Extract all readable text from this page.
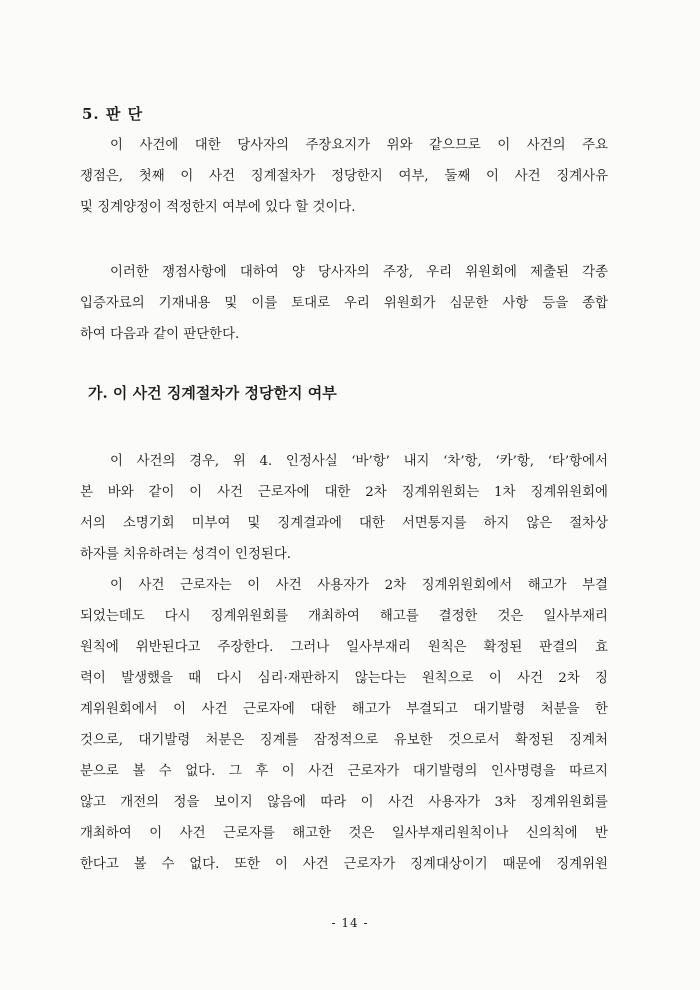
5. 판 단
이 사건에 대한 당사자의 주장요지가 위와 같으므로 이 사건의 주요
쟁점은, 첫째 이 사건 징계절차가 정당한지 여부, 둘째 이 사건 징계사유
및 징계양정이 적정한지 여부에 있다 할 것이다.
이러한 쟁점사항에 대하여 양 당사자의 주장, 우리 위원회에 제출된 각종
입증자료의 기재내용 및 이를 토대로 우리 위원회가 심문한 사항 등을 종합
하여 다음과 같이 판단한다.
가. 이 사건 징계절차가 정당한지 여부
이 사건의 경우, 위 4. 인정사실 ‘바’항’ 내지 ‘차’항, ‘카’항, ‘타’항에서
본 바와 같이 이 사건 근로자에 대한 2차 징계위원회는 1차 징계위원회에
서의 소명기회 미부여 및 징계결과에 대한 서면통지를 하지 않은 절차상
하자를 치유하려는 성격이 인정된다.
이 사건 근로자는 이 사건 사용자가 2차 징계위원회에서 해고가 부결
되었는데도 다시 징계위원회를 개최하여 해고를 결정한 것은 일사부재리
원칙에 위반된다고 주장한다. 그러나 일사부재리 원칙은 확정된 판결의 효
력이 발생했을 때 다시 심리·재판하지 않는다는 원칙으로 이 사건 2차 징
계위원회에서 이 사건 근로자에 대한 해고가 부결되고 대기발령 처분을 한
것으로, 대기발령 처분은 징계를 잠정적으로 유보한 것으로서 확정된 징계처
분으로 볼 수 없다. 그 후 이 사건 근로자가 대기발령의 인사명령을 따르지
않고 개전의 정을 보이지 않음에 따라 이 사건 사용자가 3차 징계위원회를
개최하여 이 사건 근로자를 해고한 것은 일사부재리원칙이나 신의칙에 반
한다고 볼 수 없다. 또한 이 사건 근로자가 징계대상이기 때문에 징계위원
- 14 -
